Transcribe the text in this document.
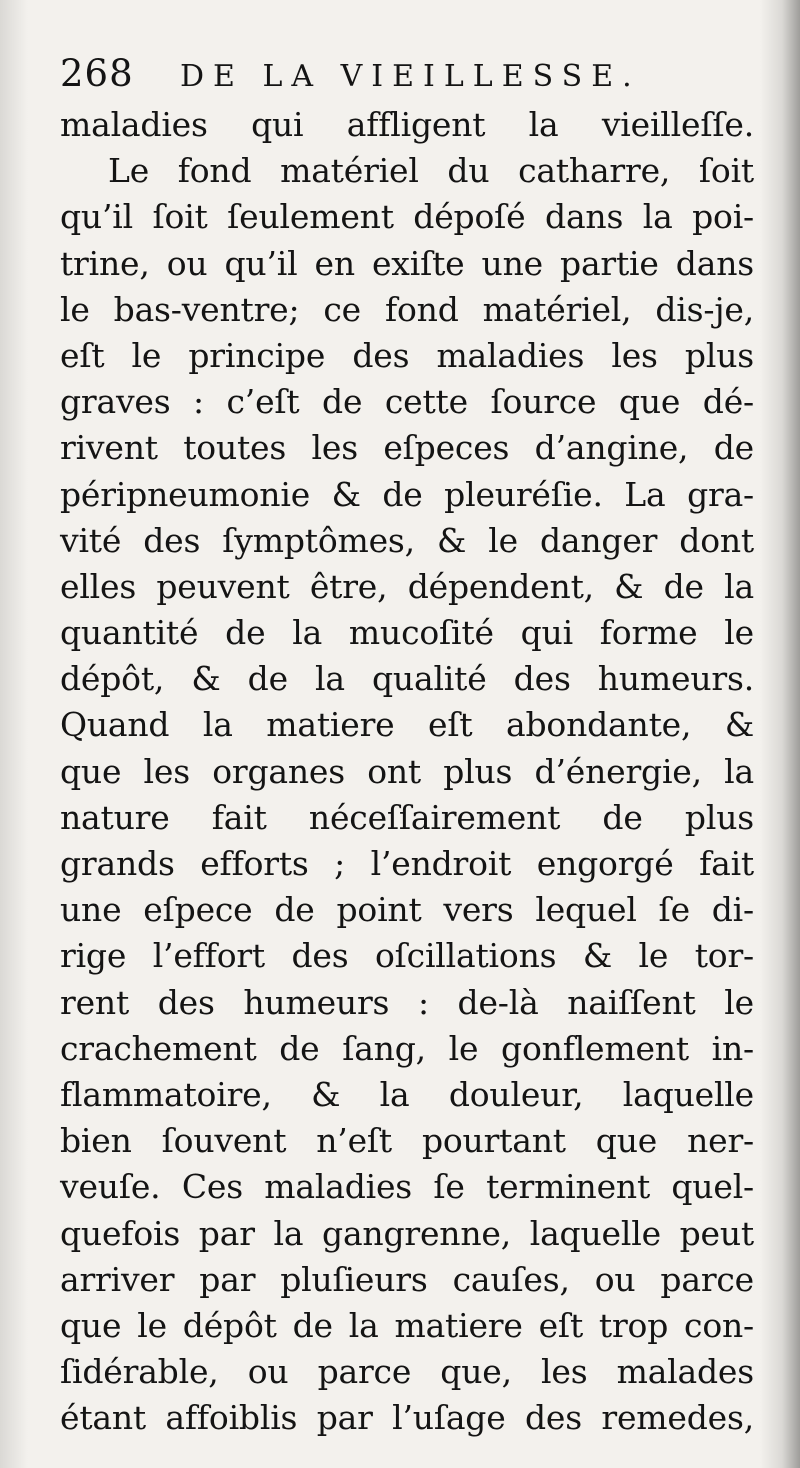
268	DE LA VIEILLESSE.
maladies qui affligent la vieilleſſe.
Le fond matériel du catharre, ſoit
qu’il ſoit ſeulement dépoſé dans la poi-
trine, ou qu’il en exiſte une partie dans
le bas-ventre; ce fond matériel, dis-je,
eſt le principe des maladies les plus
graves : c’eſt de cette ſource que dé-
rivent toutes les eſpeces d’angine, de
péripneumonie & de pleuréſie. La gra-
vité des ſymptômes, & le danger dont
elles peuvent être, dépendent, & de la
quantité de la mucoſité qui forme le
dépôt, & de la qualité des humeurs.
Quand la matiere eſt abondante, &
que les organes ont plus d’énergie, la
nature fait néceſſairement de plus
grands efforts ; l’endroit engorgé fait
une eſpece de point vers lequel ſe di-
rige l’effort des oſcillations & le tor-
rent des humeurs : de-là naiſſent le
crachement de ſang, le gonflement in-
flammatoire, & la douleur, laquelle
bien ſouvent n’eſt pourtant que ner-
veuſe. Ces maladies ſe terminent quel-
quefois par la gangrenne, laquelle peut
arriver par pluſieurs cauſes, ou parce
que le dépôt de la matiere eſt trop con-
ſidérable, ou parce que, les malades
étant affoiblis par l’uſage des remedes,
